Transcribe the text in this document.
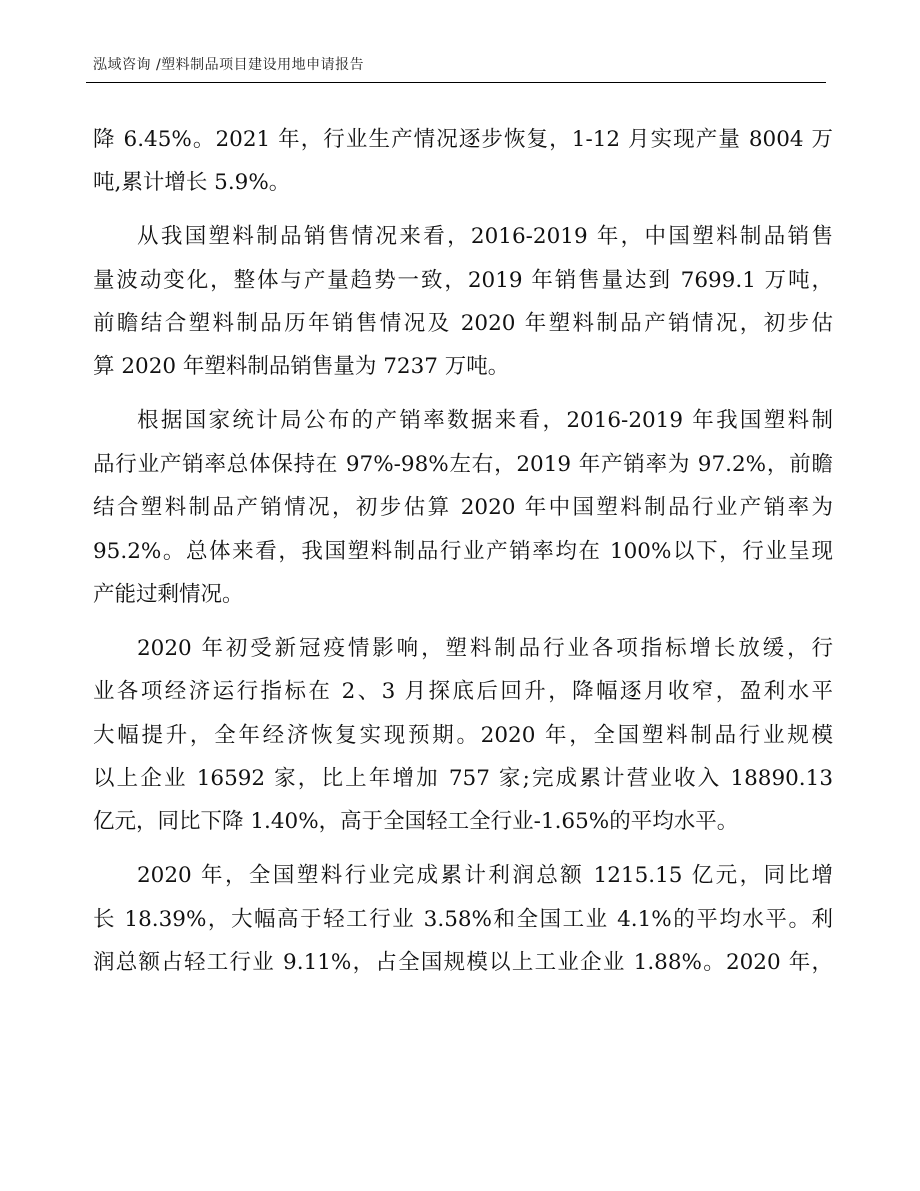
泓域咨询 /塑料制品项目建设用地申请报告
降 6.45%。2021 年，行业生产情况逐步恢复，1-12 月实现产量 8004 万
吨,累计增长 5.9%。
从我国塑料制品销售情况来看，2016-2019 年，中国塑料制品销售
量波动变化，整体与产量趋势一致，2019 年销售量达到 7699.1 万吨，
前瞻结合塑料制品历年销售情况及 2020 年塑料制品产销情况，初步估
算 2020 年塑料制品销售量为 7237 万吨。
根据国家统计局公布的产销率数据来看，2016-2019 年我国塑料制
品行业产销率总体保持在 97%-98%左右，2019 年产销率为 97.2%，前瞻
结合塑料制品产销情况，初步估算 2020 年中国塑料制品行业产销率为
95.2%。总体来看，我国塑料制品行业产销率均在 100%以下，行业呈现
产能过剩情况。
2020 年初受新冠疫情影响，塑料制品行业各项指标增长放缓，行
业各项经济运行指标在 2、3 月探底后回升，降幅逐月收窄，盈利水平
大幅提升，全年经济恢复实现预期。2020 年，全国塑料制品行业规模
以上企业 16592 家，比上年增加 757 家;完成累计营业收入 18890.13
亿元，同比下降 1.40%，高于全国轻工全行业-1.65%的平均水平。
2020 年，全国塑料行业完成累计利润总额 1215.15 亿元，同比增
长 18.39%，大幅高于轻工行业 3.58%和全国工业 4.1%的平均水平。利
润总额占轻工行业 9.11%，占全国规模以上工业企业 1.88%。2020 年，
